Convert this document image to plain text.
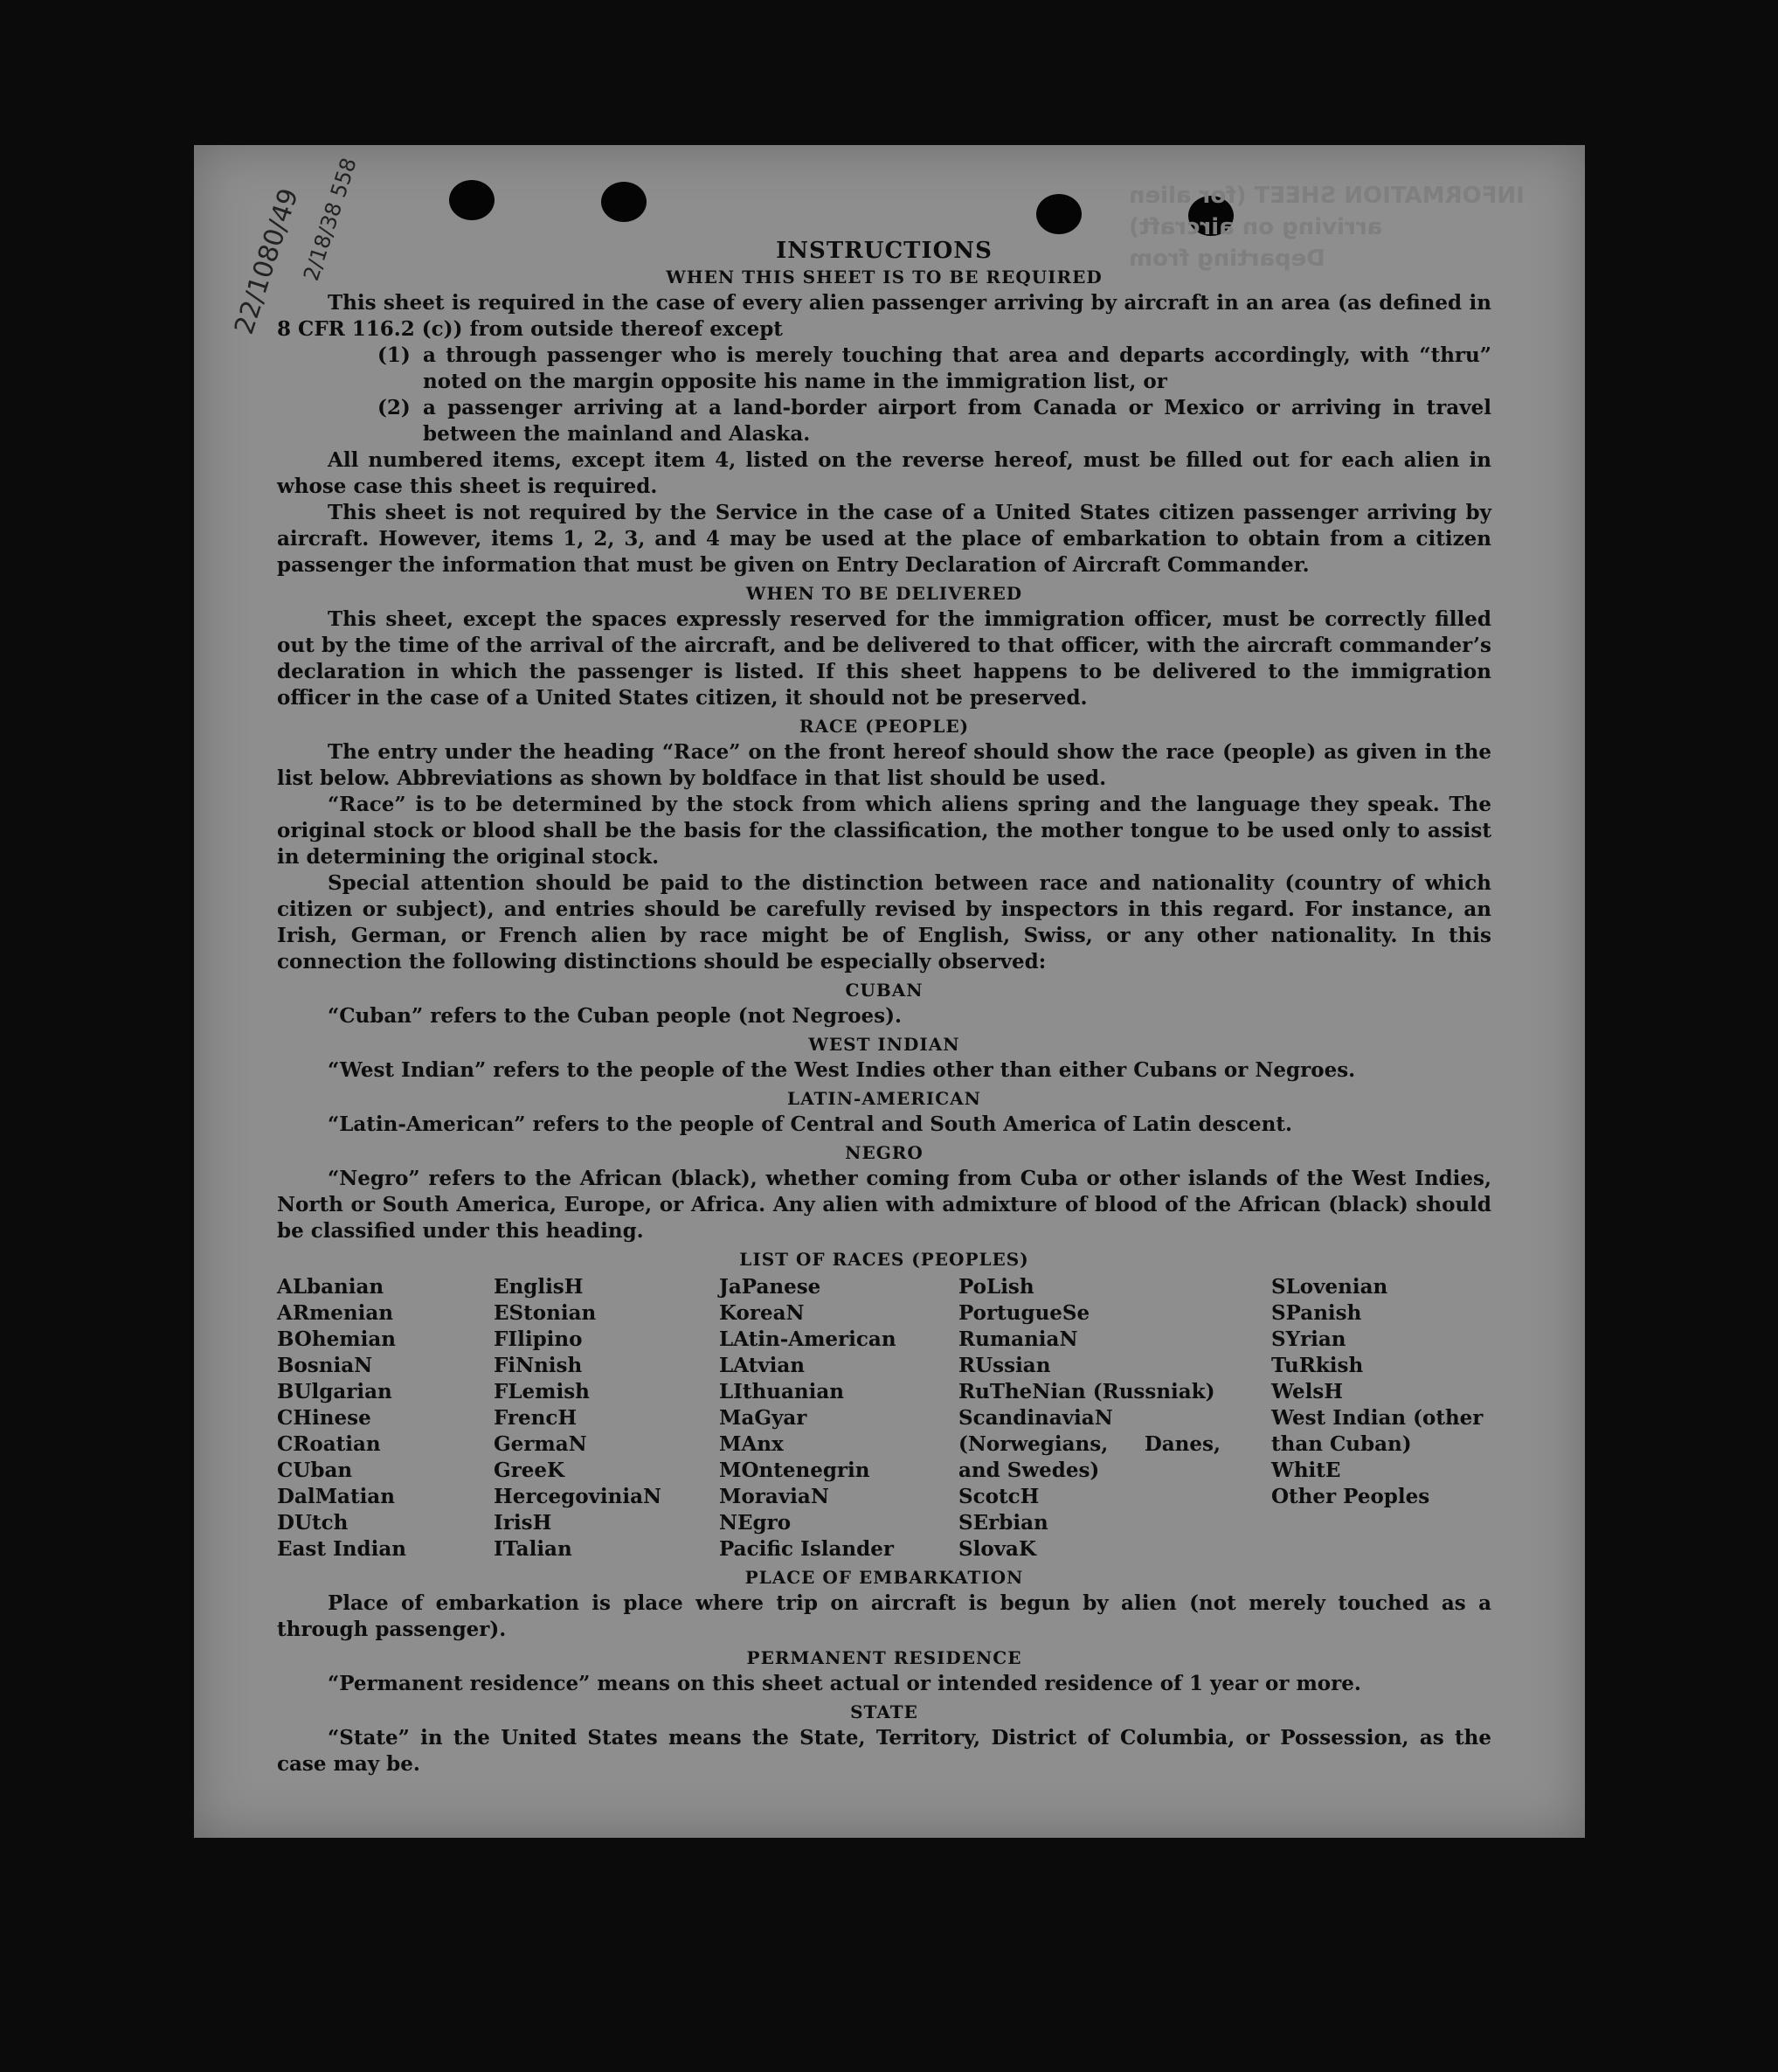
22/1080/49
2/18/38 558	INFORMATION SHEET (for alien arriving on aircraft)
Departing from
INSTRUCTIONS
WHEN THIS SHEET IS TO BE REQUIRED

This sheet is required in the case of every alien passenger arriving by aircraft in an area (as defined in 8 CFR 116.2 (c)) from outside thereof except

(1) a through passenger who is merely touching that area and departs accordingly, with “thru” noted on the margin opposite his name in the immigration list, or
(2) a passenger arriving at a land-border airport from Canada or Mexico or arriving in travel between the mainland and Alaska.

All numbered items, except item 4, listed on the reverse hereof, must be filled out for each alien in whose case this sheet is required.

This sheet is not required by the Service in the case of a United States citizen passenger arriving by aircraft. However, items 1, 2, 3, and 4 may be used at the place of embarkation to obtain from a citizen passenger the information that must be given on Entry Declaration of Aircraft Commander.

WHEN TO BE DELIVERED

This sheet, except the spaces expressly reserved for the immigration officer, must be correctly filled out by the time of the arrival of the aircraft, and be delivered to that officer, with the aircraft commander’s declaration in which the passenger is listed. If this sheet happens to be delivered to the immigration officer in the case of a United States citizen, it should not be preserved.

RACE (PEOPLE)

The entry under the heading “Race” on the front hereof should show the race (people) as given in the list below. Abbreviations as shown by boldface in that list should be used.

“Race” is to be determined by the stock from which aliens spring and the language they speak. The original stock or blood shall be the basis for the classification, the mother tongue to be used only to assist in determining the original stock.

Special attention should be paid to the distinction between race and nationality (country of which citizen or subject), and entries should be carefully revised by inspectors in this regard. For instance, an Irish, German, or French alien by race might be of English, Swiss, or any other nationality. In this connection the following distinctions should be especially observed:

CUBAN

“Cuban” refers to the Cuban people (not Negroes).

WEST INDIAN

“West Indian” refers to the people of the West Indies other than either Cubans or Negroes.

LATIN-AMERICAN

“Latin-American” refers to the people of Central and South America of Latin descent.

NEGRO

“Negro” refers to the African (black), whether coming from Cuba or other islands of the West Indies, North or South America, Europe, or Africa. Any alien with admixture of blood of the African (black) should be classified under this heading.

LIST OF RACES (PEOPLES)
ALbanian
ARmenian
BOhemian
BosniaN
BUlgarian
CHinese
CRoatian
CUban
DalMatian
DUtch
East Indian
EnglisH
EStonian
FIlipino
FiNnish
FLemish
FrencH
GermaN
GreeK
HercegoviniaN
IrisH
ITalian
JaPanese
KoreaN
LAtin-American
LAtvian
LIthuanian
MaGyar
MAnx
MOntenegrin
MoraviaN
NEgro
Pacific Islander
PoLish
PortugueSe
RumaniaN
RUssian
RuTheNian (Russniak)
ScandinaviaN (Norwegians, Danes, and Swedes)
ScotcH
SErbian
SlovaK
SLovenian
SPanish
SYrian
TuRkish
WelsH
West Indian (other than Cuban)
WhitE
Other Peoples
PLACE OF EMBARKATION

Place of embarkation is place where trip on aircraft is begun by alien (not merely touched as a through passenger).

PERMANENT RESIDENCE

“Permanent residence” means on this sheet actual or intended residence of 1 year or more.

STATE

“State” in the United States means the State, Territory, District of Columbia, or Possession, as the case may be.
